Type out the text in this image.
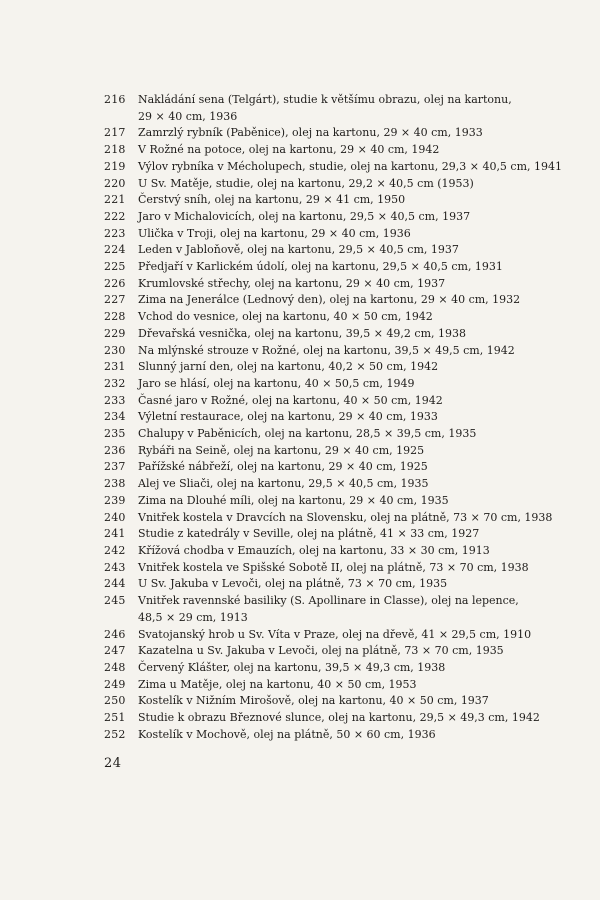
216	Nakládání sena (Telgárt), studie k většímu obrazu, olej na kartonu,
29 × 40 cm, 1936
217	Zamrzlý rybník (Paběnice), olej na kartonu, 29 × 40 cm, 1933
218	V Rožné na potoce, olej na kartonu, 29 × 40 cm, 1942
219	Výlov rybníka v Mécholupech, studie, olej na kartonu, 29,3 × 40,5 cm, 1941
220	U Sv. Matěje, studie, olej na kartonu, 29,2 × 40,5 cm (1953)
221	Čerstvý sníh, olej na kartonu, 29 × 41 cm, 1950
222	Jaro v Michalovicích, olej na kartonu, 29,5 × 40,5 cm, 1937
223	Ulička v Troji, olej na kartonu, 29 × 40 cm, 1936
224	Leden v Jabloňově, olej na kartonu, 29,5 × 40,5 cm, 1937
225	Předjaří v Karlickém údolí, olej na kartonu, 29,5 × 40,5 cm, 1931
226	Krumlovské střechy, olej na kartonu, 29 × 40 cm, 1937
227	Zima na Jenerálce (Lednový den), olej na kartonu, 29 × 40 cm, 1932
228	Vchod do vesnice, olej na kartonu, 40 × 50 cm, 1942
229	Dřevařská vesnička, olej na kartonu, 39,5 × 49,2 cm, 1938
230	Na mlýnské strouze v Rožné, olej na kartonu, 39,5 × 49,5 cm, 1942
231	Slunný jarní den, olej na kartonu, 40,2 × 50 cm, 1942
232	Jaro se hlásí, olej na kartonu, 40 × 50,5 cm, 1949
233	Časné jaro v Rožné, olej na kartonu, 40 × 50 cm, 1942
234	Výletní restaurace, olej na kartonu, 29 × 40 cm, 1933
235	Chalupy v Paběnicích, olej na kartonu, 28,5 × 39,5 cm, 1935
236	Rybáři na Seině, olej na kartonu, 29 × 40 cm, 1925
237	Pařížské nábřeží, olej na kartonu, 29 × 40 cm, 1925
238	Alej ve Sliači, olej na kartonu, 29,5 × 40,5 cm, 1935
239	Zima na Dlouhé míli, olej na kartonu, 29 × 40 cm, 1935
240	Vnitřek kostela v Dravcích na Slovensku, olej na plátně, 73 × 70 cm, 1938
241	Studie z katedrály v Seville, olej na plátně, 41 × 33 cm, 1927
242	Křížová chodba v Emauzích, olej na kartonu, 33 × 30 cm, 1913
243	Vnitřek kostela ve Spišské Sobotě II, olej na plátně, 73 × 70 cm, 1938
244	U Sv. Jakuba v Levoči, olej na plátně, 73 × 70 cm, 1935
245	Vnitřek ravennské basiliky (S. Apollinare in Classe), olej na lepence,
48,5 × 29 cm, 1913
246	Svatojanský hrob u Sv. Víta v Praze, olej na dřevě, 41 × 29,5 cm, 1910
247	Kazatelna u Sv. Jakuba v Levoči, olej na plátně, 73 × 70 cm, 1935
248	Červený Klášter, olej na kartonu, 39,5 × 49,3 cm, 1938
249	Zima u Matěje, olej na kartonu, 40 × 50 cm, 1953
250	Kostelík v Nižním Mirošově, olej na kartonu, 40 × 50 cm, 1937
251	Studie k obrazu Březnové slunce, olej na kartonu, 29,5 × 49,3 cm, 1942
252	Kostelík v Mochově, olej na plátně, 50 × 60 cm, 1936
24
